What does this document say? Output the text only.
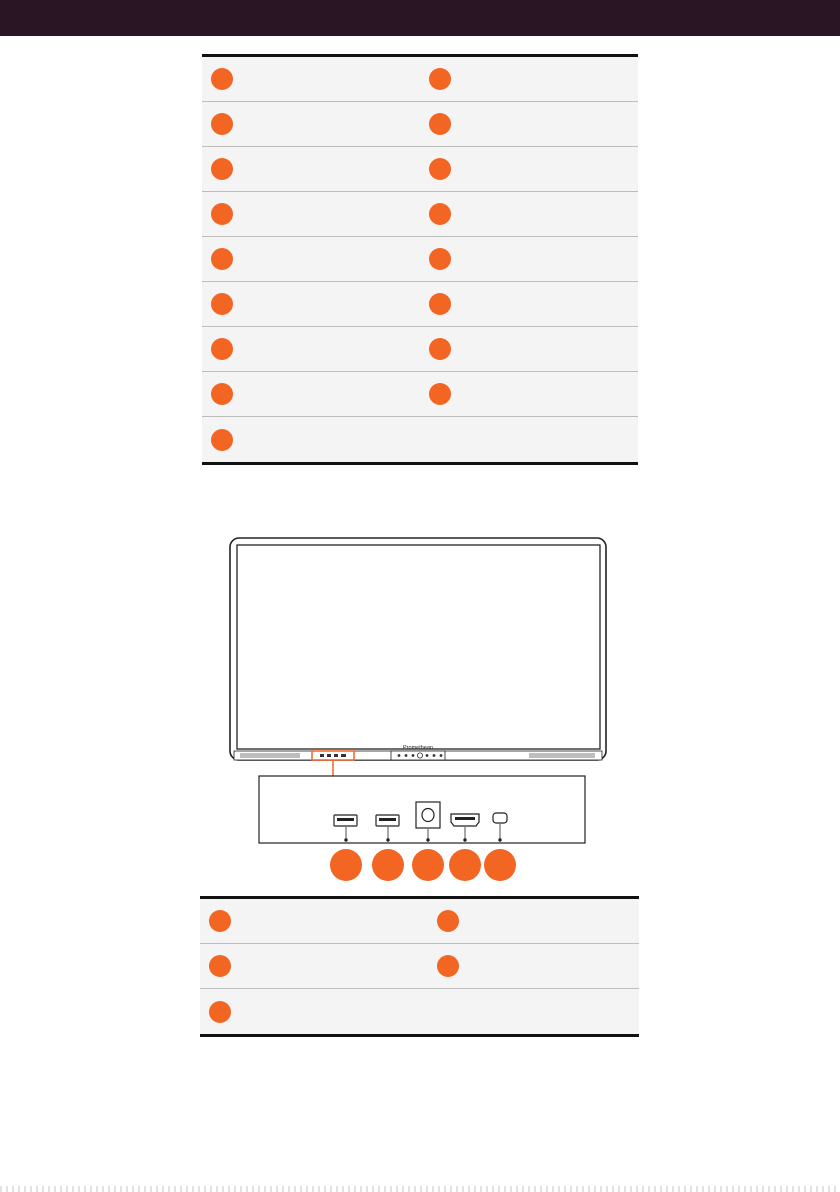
Promethean
